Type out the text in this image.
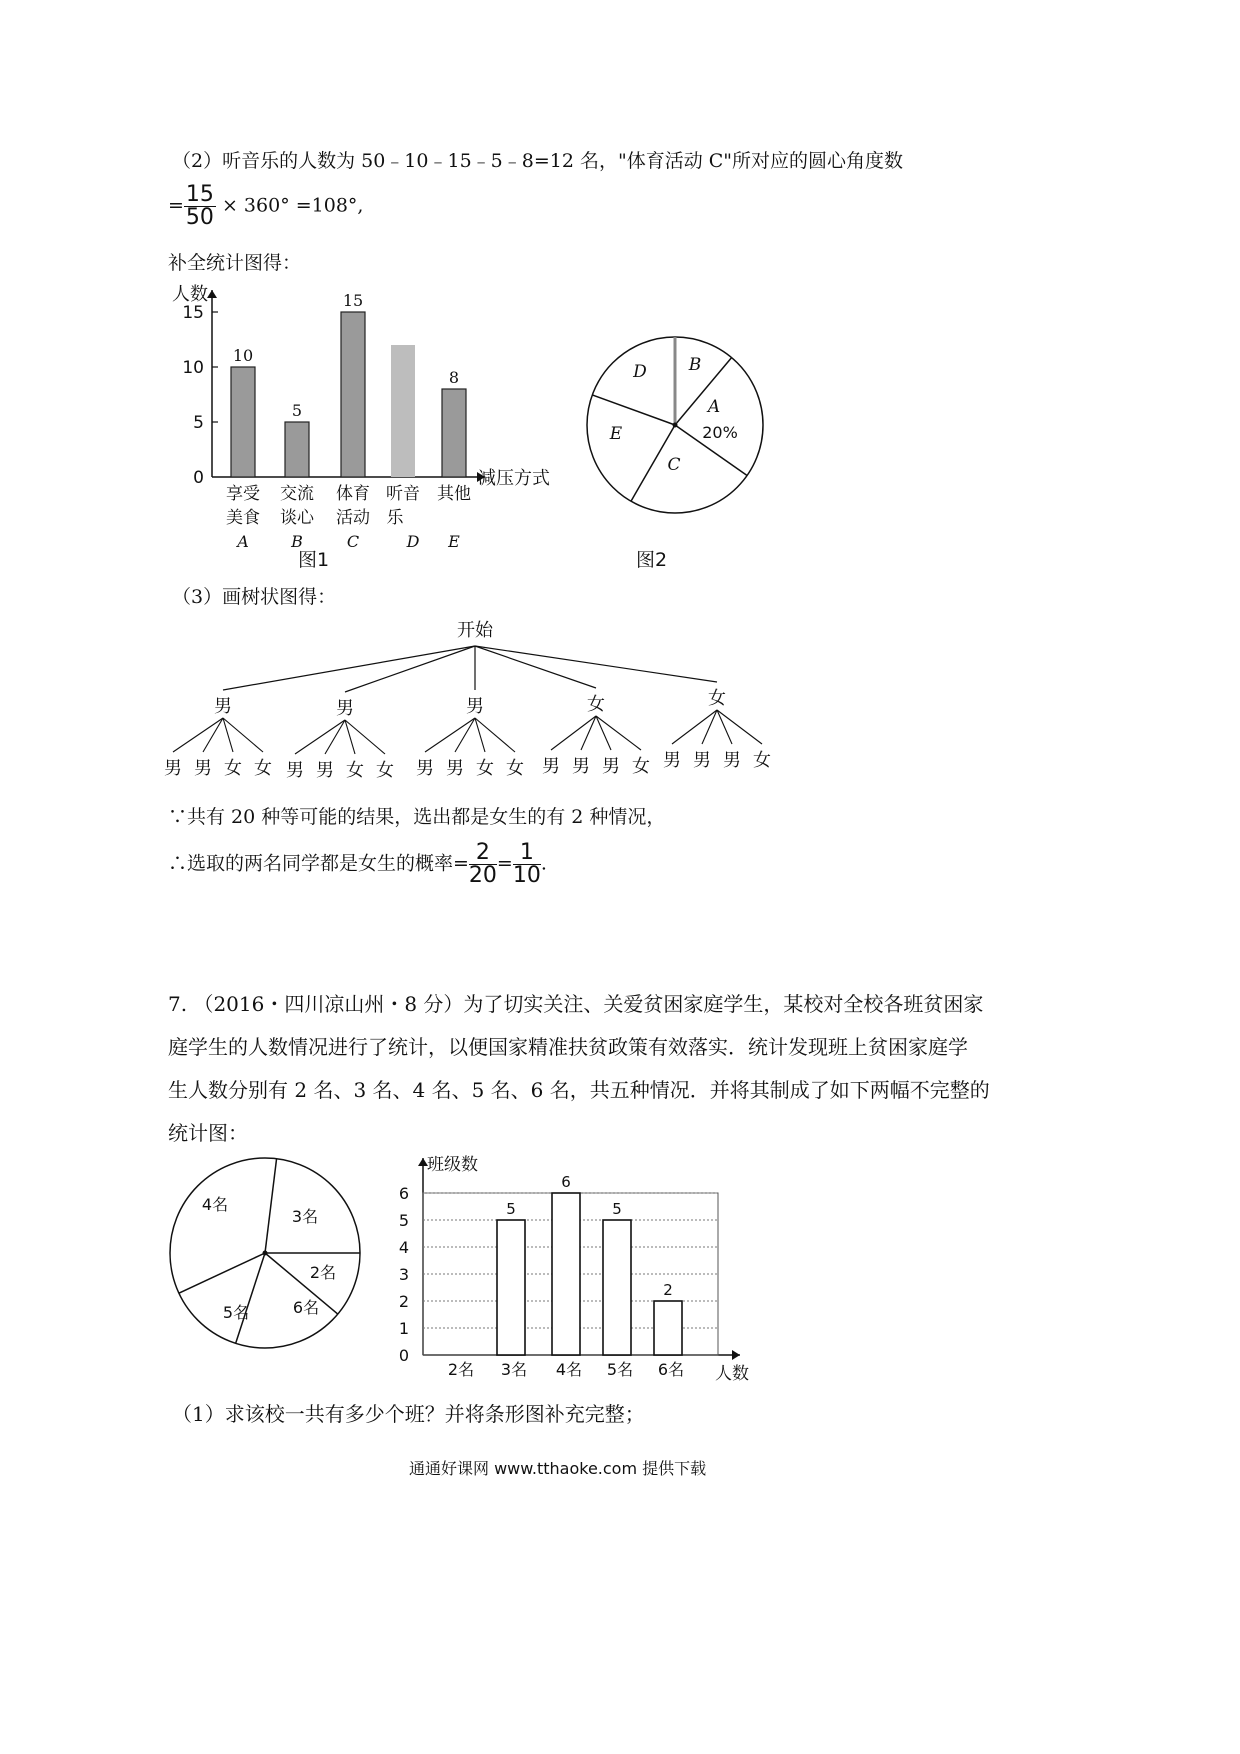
（2）听音乐的人数为 50﹣10﹣15﹣5﹣8=12 名，"体育活动 C"所对应的圆心角度数
= $\frac{15}{50} \times 360^\circ =108^\circ$,
补全统计图得：
人数
减压方式
0
5
10
15
10
享受
美食
A
5
交流
谈心
B
15
体育
活动
C
听音
乐
D
8
其他
E
图1
B
A
C
E
D
20%
图2
（3）画树状图得：
开始
男
男 男 女 女
男
男 男 女 女
男
男 男 女 女
女
男 男 男 女
女
男 男 男 女
∵共有 20 种等可能的结果，选出都是女生的有 2 种情况，
∴选取的两名同学都是女生的概率= $\frac{2}{20} = \frac{1}{10}$ .
7. （2016・四川凉山州・8 分）为了切实关注、关爱贫困家庭学生，某校对全校各班贫困家
庭学生的人数情况进行了统计，以便国家精准扶贫政策有效落实．统计发现班上贫困家庭学
生人数分别有 2 名、3 名、4 名、5 名、6 名，共五种情况．并将其制成了如下两幅不完整的
统计图：
3名
2名
6名
5名
4名
班级数
人数
0
1
2
3
4
5
6
2名
5
3名
6
4名
5
5名
2
6名
（1）求该校一共有多少个班？并将条形图补充完整；
通通好课网 www.tthaoke.com 提供下载
